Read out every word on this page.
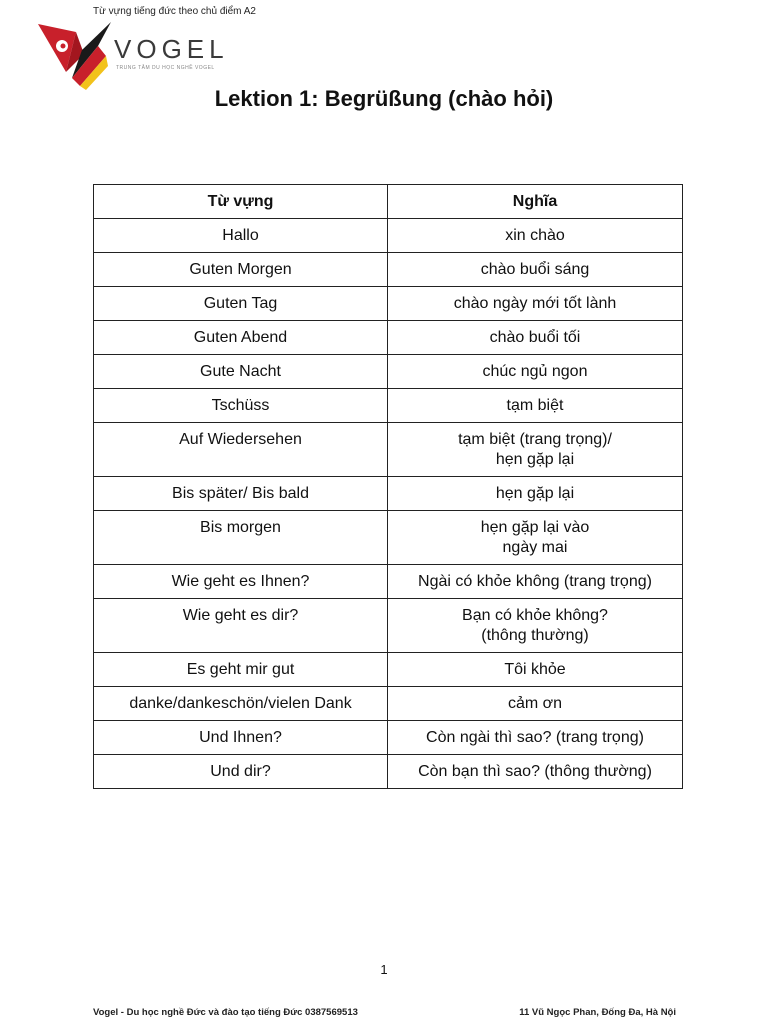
Từ vựng tiếng đức theo chủ điểm A2
VOGEL
TRUNG TÂM DU HỌC NGHỀ VOGEL
Lektion 1: Begrüßung (chào hỏi)
Từ vựng	Nghĩa
Hallo	xin chào
Guten Morgen	chào buổi sáng
Guten Tag	chào ngày mới tốt lành
Guten Abend	chào buổi tối
Gute Nacht	chúc ngủ ngon
Tschüss	tạm biệt
Auf Wiedersehen	tạm biệt (trang trọng)/
hẹn gặp lại
Bis später/ Bis bald	hẹn gặp lại
Bis morgen	hẹn gặp lại vào
ngày mai
Wie geht es Ihnen?	Ngài có khỏe không (trang trọng)
Wie geht es dir?	Bạn có khỏe không?
(thông thường)
Es geht mir gut	Tôi khỏe
danke/dankeschön/vielen Dank	cảm ơn
Und Ihnen?	Còn ngài thì sao? (trang trọng)
Und dir?	Còn bạn thì sao? (thông thường)
1
Vogel - Du học nghề Đức và đào tạo tiếng Đức 0387569513	11 Vũ Ngọc Phan, Đống Đa, Hà Nội
